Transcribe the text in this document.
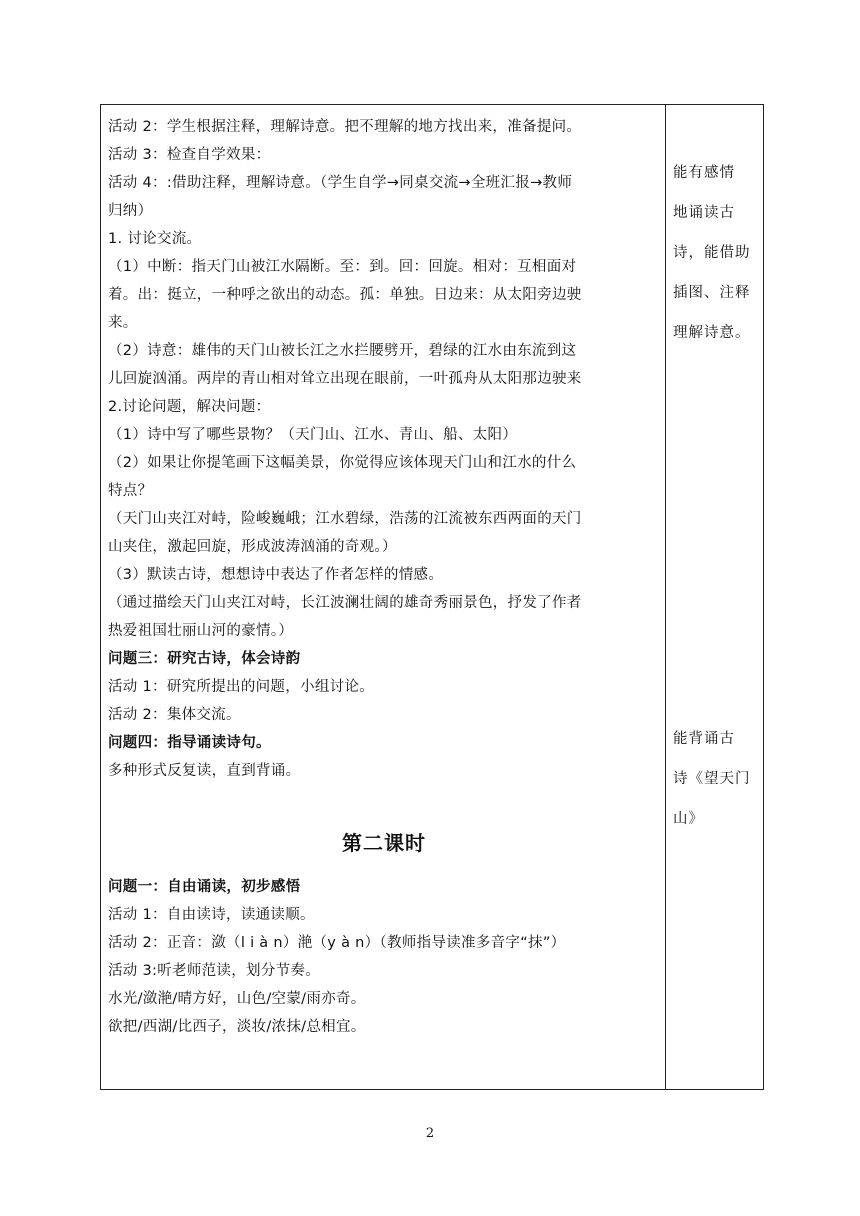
活动 2：学生根据注释，理解诗意。把不理解的地方找出来，准备提问。
活动 3：检查自学效果：
活动 4：:借助注释，理解诗意。（学生自学→同桌交流→全班汇报→教师
归纳）
1. 讨论交流。
（1）中断：指天门山被江水隔断。至：到。回：回旋。相对：互相面对
着。出：挺立，一种呼之欲出的动态。孤：单独。日边来：从太阳旁边驶
来。
（2）诗意：雄伟的天门山被长江之水拦腰劈开，碧绿的江水由东流到这
儿回旋汹涌。两岸的青山相对耸立出现在眼前，一叶孤舟从太阳那边驶来
2.讨论问题，解决问题：
（1）诗中写了哪些景物？（天门山、江水、青山、船、太阳）
（2）如果让你提笔画下这幅美景，你觉得应该体现天门山和江水的什么
特点？
（天门山夹江对峙，险峻巍峨；江水碧绿，浩荡的江流被东西两面的天门
山夹住，激起回旋，形成波涛汹涌的奇观。）
（3）默读古诗，想想诗中表达了作者怎样的情感。
（通过描绘天门山夹江对峙，长江波澜壮阔的雄奇秀丽景色，抒发了作者
热爱祖国壮丽山河的豪情。）
问题三：研究古诗，体会诗韵
活动 1：研究所提出的问题，小组讨论。
活动 2：集体交流。
问题四：指导诵读诗句。
多种形式反复读，直到背诵。
第二课时
问题一：自由诵读，初步感悟
活动 1：自由读诗，读通读顺。
活动 2：正音：潋（l i à n）滟（y à n）（教师指导读准多音字“抹”）
活动 3:听老师范读，划分节奏。
水光/潋滟/晴方好，山色/空蒙/雨亦奇。
欲把/西湖/比西子，淡妆/浓抹/总相宜。
能有感情
地诵读古
诗，能借助
插图、注释
理解诗意。
能背诵古
诗《望天门
山》
2
